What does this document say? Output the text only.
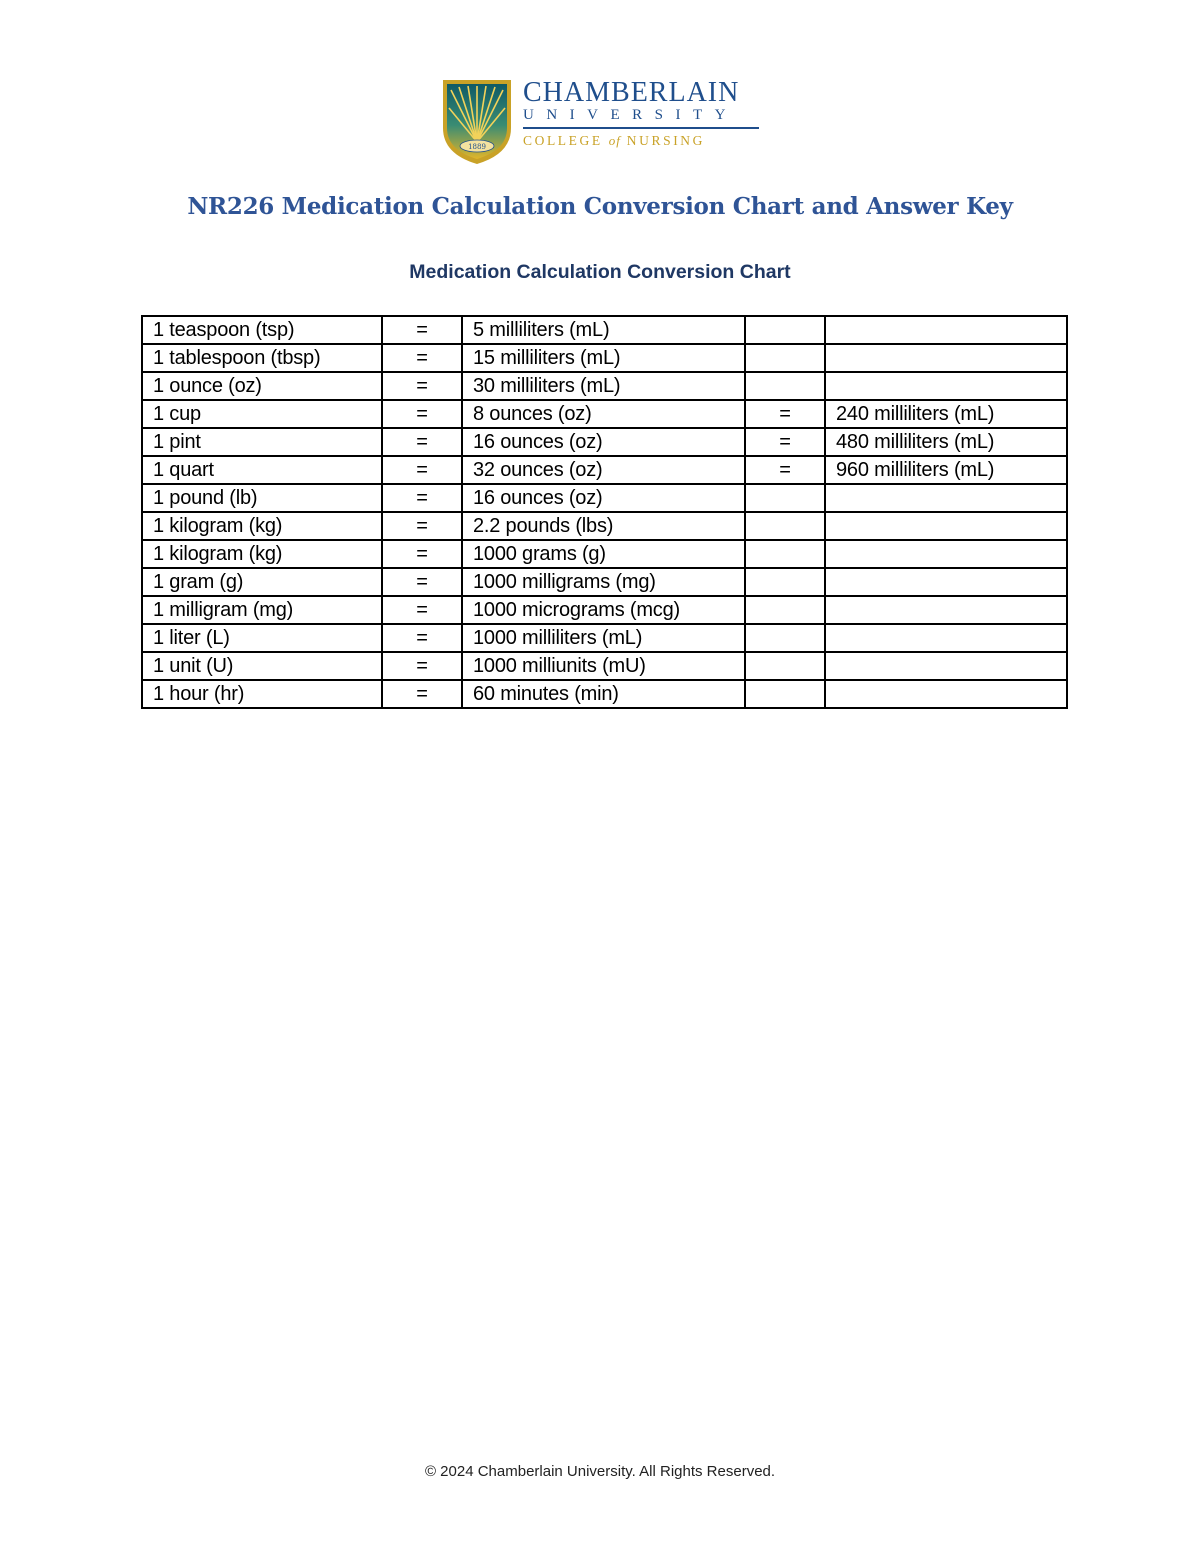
1889
CHAMBERLAIN
UNIVERSITY
COLLEGE of NURSING
NR226 Medication Calculation Conversion Chart and Answer Key
Medication Calculation Conversion Chart
1 teaspoon (tsp)	=	5 milliliters (mL)		
1 tablespoon (tbsp)	=	15 milliliters (mL)		
1 ounce (oz)	=	30 milliliters (mL)		
1 cup	=	8 ounces (oz)	=	240 milliliters (mL)
1 pint	=	16 ounces (oz)	=	480 milliliters (mL)
1 quart	=	32 ounces (oz)	=	960 milliliters (mL)
1 pound (lb)	=	16 ounces (oz)		
1 kilogram (kg)	=	2.2 pounds (lbs)		
1 kilogram (kg)	=	1000 grams (g)		
1 gram (g)	=	1000 milligrams (mg)		
1 milligram (mg)	=	1000 micrograms (mcg)		
1 liter (L)	=	1000 milliliters (mL)		
1 unit (U)	=	1000 milliunits (mU)		
1 hour (hr)	=	60 minutes (min)		
© 2024 Chamberlain University. All Rights Reserved.
